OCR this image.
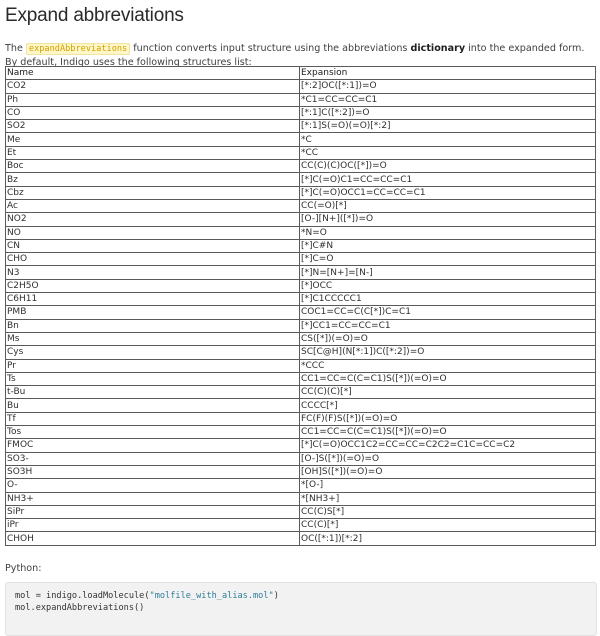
Expand abbreviations

The expandAbbreviations function converts input structure using the abbreviations dictionary into the expanded form. By default, Indigo uses the following structures list:

Name	Expansion
CO2	[*:2]OC([*:1])=O
Ph	*C1=CC=CC=C1
CO	[*:1]C([*:2])=O
SO2	[*:1]S(=O)(=O)[*:2]
Me	*C
Et	*CC
Boc	CC(C)(C)OC([*])=O
Bz	[*]C(=O)C1=CC=CC=C1
Cbz	[*]C(=O)OCC1=CC=CC=C1
Ac	CC(=O)[*]
NO2	[O-][N+]([*])=O
NO	*N=O
CN	[*]C#N
CHO	[*]C=O
N3	[*]N=[N+]=[N-]
C2H5O	[*]OCC
C6H11	[*]C1CCCCC1
PMB	COC1=CC=C(C[*])C=C1
Bn	[*]CC1=CC=CC=C1
Ms	CS([*])(=O)=O
Cys	SC[C@H](N[*:1])C([*:2])=O
Pr	*CCC
Ts	CC1=CC=C(C=C1)S([*])(=O)=O
t-Bu	CC(C)(C)[*]
Bu	CCCC[*]
Tf	FC(F)(F)S([*])(=O)=O
Tos	CC1=CC=C(C=C1)S([*])(=O)=O
FMOC	[*]C(=O)OCC1C2=CC=CC=C2C2=C1C=CC=C2
SO3-	[O-]S([*])(=O)=O
SO3H	[OH]S([*])(=O)=O
O-	*[O-]
NH3+	*[NH3+]
SiPr	CC(C)S[*]
iPr	CC(C)[*]
CHOH	OC([*:1])[*:2]
Python:
mol = indigo.loadMolecule("molfile_with_alias.mol")
mol.expandAbbreviations()
